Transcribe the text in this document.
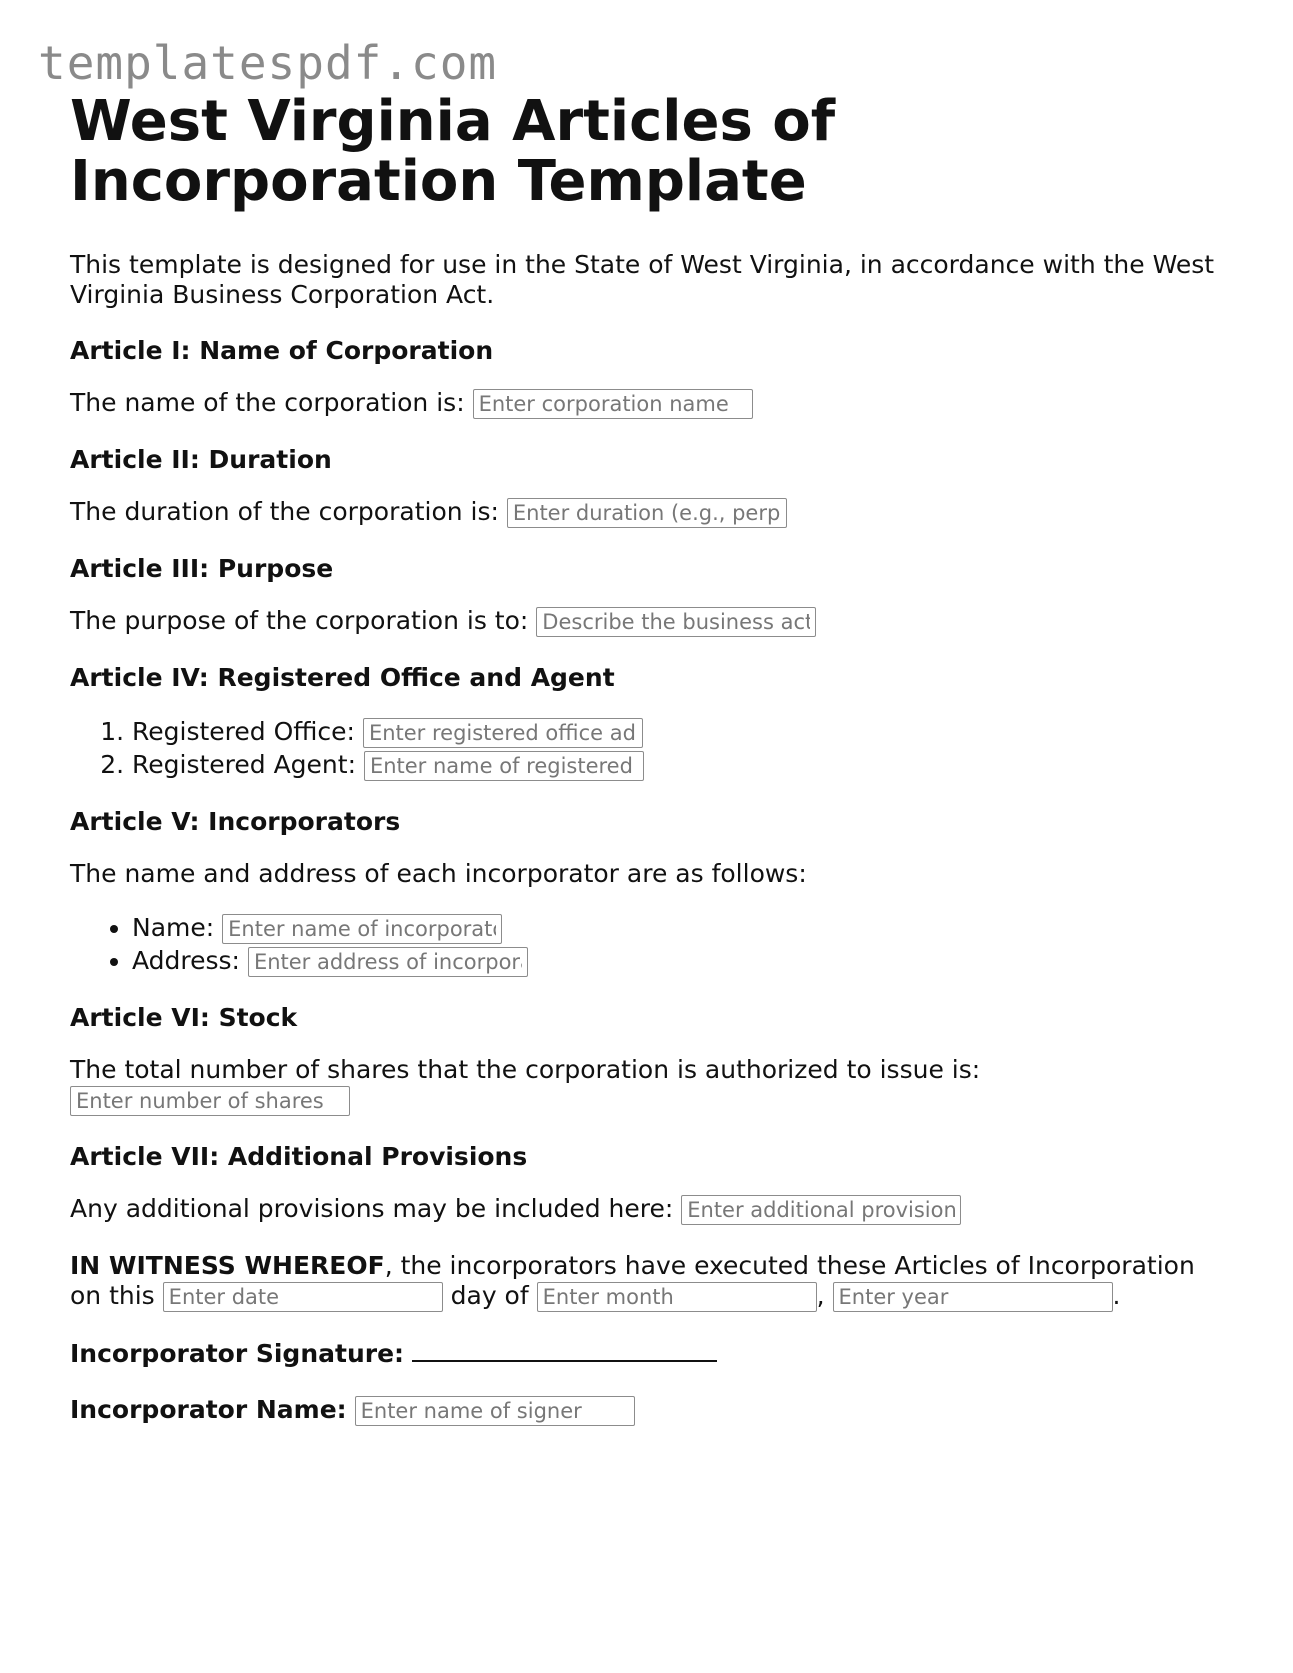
templatespdf.com
West Virginia Articles of Incorporation Template

This template is designed for use in the State of West Virginia, in accordance with the West Virginia Business Corporation Act.

Article I: Name of Corporation

The name of the corporation is: Enter corporation name

Article II: Duration

The duration of the corporation is: Enter duration (e.g., perpetual)

Article III: Purpose

The purpose of the corporation is to: Describe the business activities

Article IV: Registered Office and Agent
1. Registered Office: Enter registered office address
2. Registered Agent: Enter name of registered agent
Article V: Incorporators

The name and address of each incorporator are as follows:

• Name: Enter name of incorporator
• Address: Enter address of incorporator
Article VI: Stock

The total number of shares that the corporation is authorized to issue is:
Enter number of shares

Article VII: Additional Provisions

Any additional provisions may be included here: Enter additional provisions

IN WITNESS WHEREOF, the incorporators have executed these Articles of Incorporation on this Enter date	day of Enter month	, Enter year	.

Incorporator Signature:

Incorporator Name: Enter name of signer
